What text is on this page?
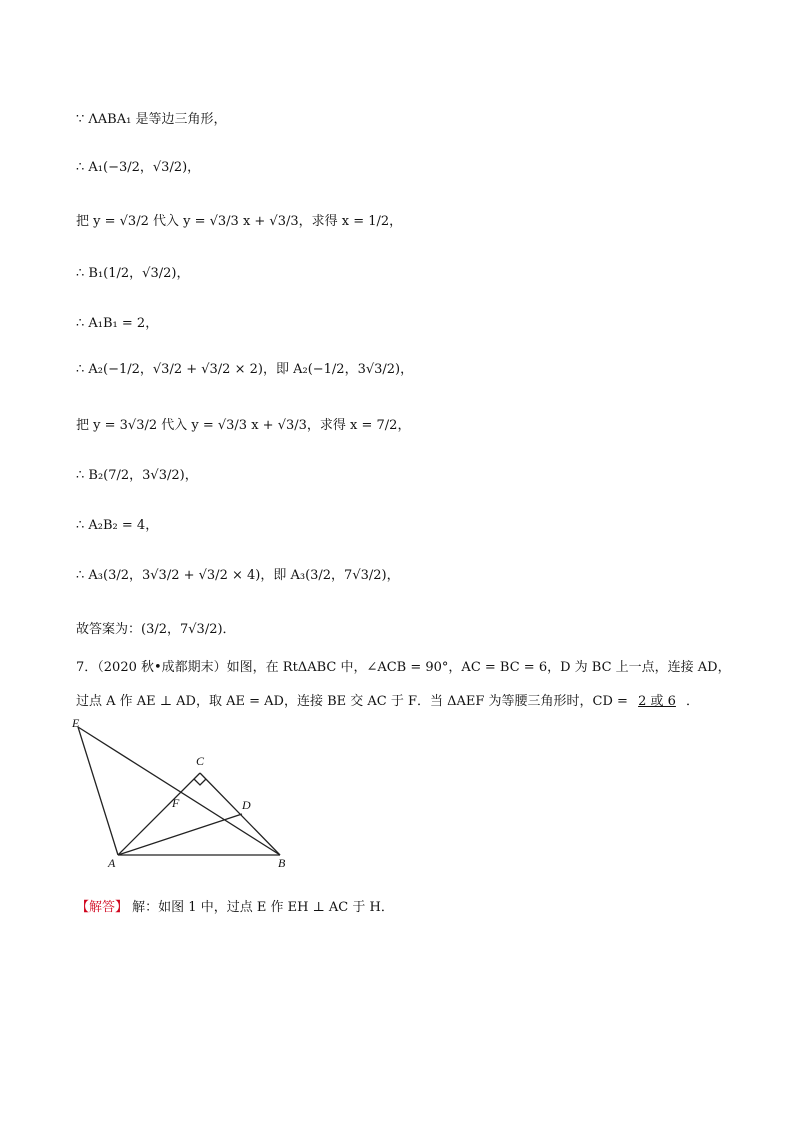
∵ ΛABA₁ 是等边三角形，
∴ A₁(−3/2，√3/2)，
把 y = √3/2 代入 y = √3/3 x + √3/3，求得 x = 1/2，
∴ B₁(1/2，√3/2)，
∴ A₁B₁ = 2，
∴ A₂(−1/2，√3/2 + √3/2 × 2)，即 A₂(−1/2，3√3/2)，
把 y = 3√3/2 代入 y = √3/3 x + √3/3，求得 x = 7/2，
∴ B₂(7/2，3√3/2)，
∴ A₂B₂ = 4，
∴ A₃(3/2，3√3/2 + √3/2 × 4)，即 A₃(3/2，7√3/2)，
故答案为：(3/2，7√3/2)．
7．（2020 秋•成都期末）如图，在 RtΔABC 中，∠ACB = 90°，AC = BC = 6，D 为 BC 上一点，连接 AD，
过点 A 作 AE ⊥ AD，取 AE = AD，连接 BE 交 AC 于 F．当 ΔAEF 为等腰三角形时，CD = 2 或 6 ．
E
C
F	D
A	B
【解答】 解：如图 1 中，过点 E 作 EH ⊥ AC 于 H．
